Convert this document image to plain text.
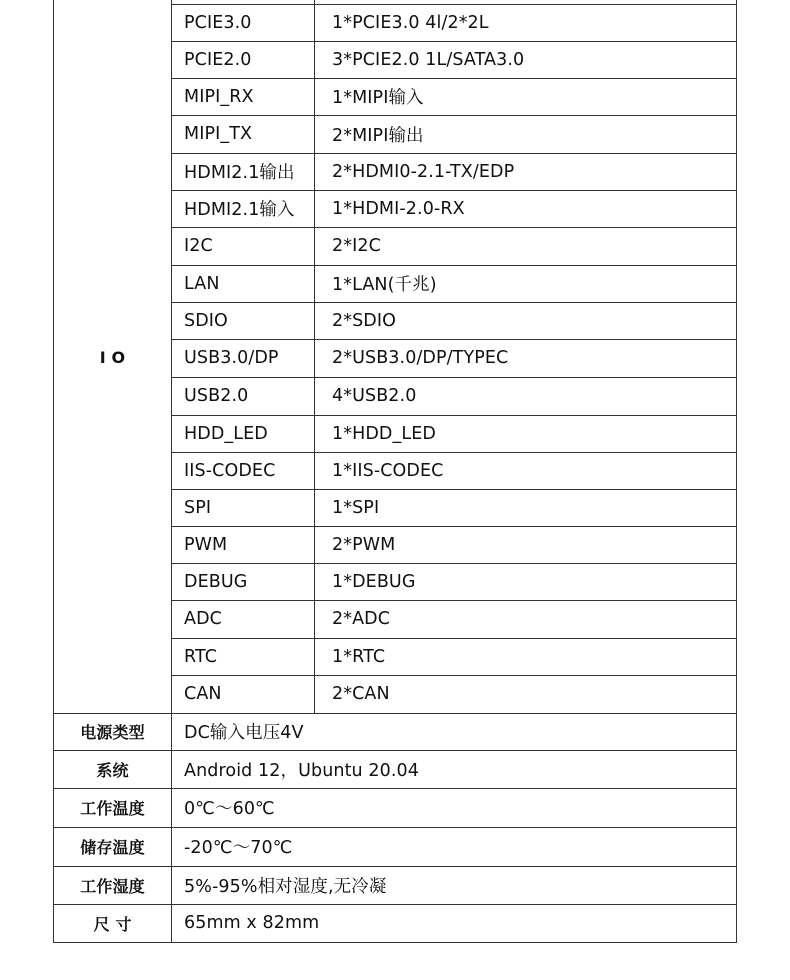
I O
PCIE3.0	1*PCIE3.0 4l/2*2L
PCIE2.0	3*PCIE2.0 1L/SATA3.0
MIPI_RX	1*MIPI输入
MIPI_TX	2*MIPI输出
HDMI2.1输出	2*HDMI0-2.1-TX/EDP
HDMI2.1输入	1*HDMI-2.0-RX
I2C	2*I2C
LAN	1*LAN(千兆)
SDIO	2*SDIO
USB3.0/DP	2*USB3.0/DP/TYPEC
USB2.0	4*USB2.0
HDD_LED	1*HDD_LED
IIS-CODEC	1*IIS-CODEC
SPI	1*SPI
PWM	2*PWM
DEBUG	1*DEBUG
ADC	2*ADC
RTC	1*RTC
CAN	2*CAN
电源类型	DC输入电压4V
系统	Android 12，Ubuntu 20.04
工作温度	0℃～60℃
储存温度	-20℃～70℃
工作湿度	5%-95%相对湿度,无冷凝
尺 寸	65mm x 82mm
